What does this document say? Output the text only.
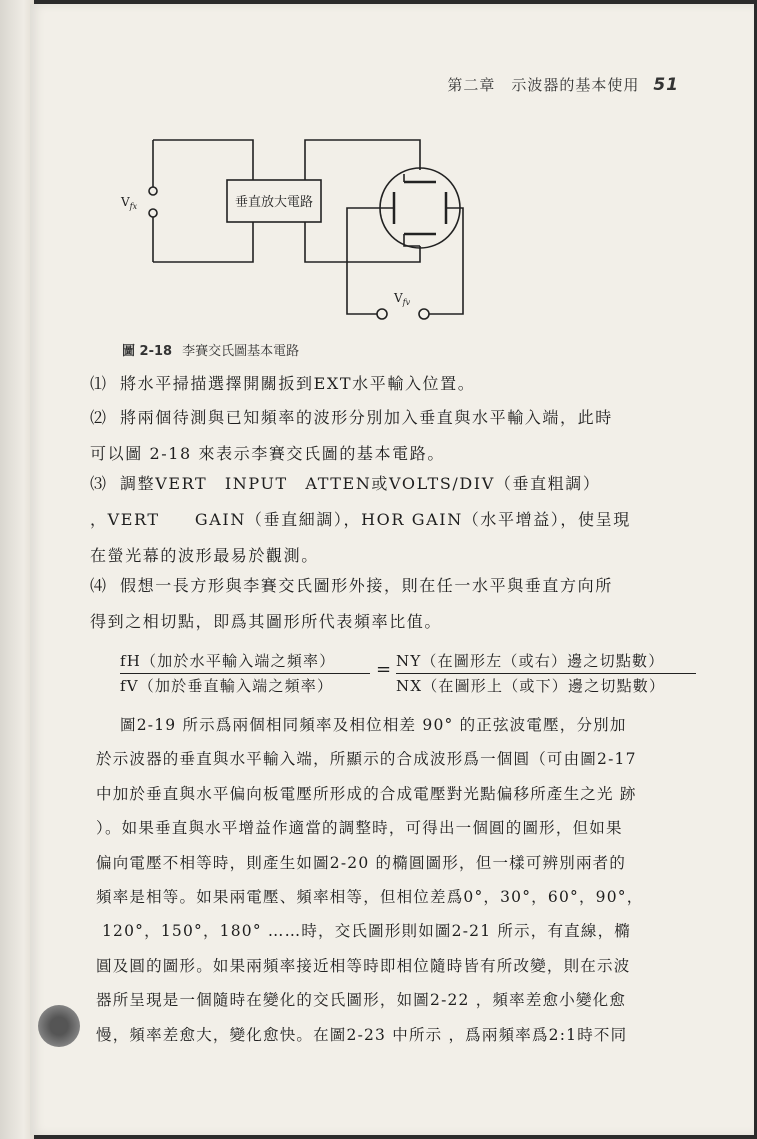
第二章　示波器的基本使用 51
$V_{fx}$	垂直放大電路
$V_{fv}$
圖 2-18 李賽交氏圖基本電路
⑴ 將水平掃描選擇開關扳到EXT水平輸入位置。
⑵ 將兩個待測與已知頻率的波形分別加入垂直與水平輸入端，此時
可以圖 2-18 來表示李賽交氏圖的基本電路。
⑶ 調整VERT　INPUT　ATTEN或VOLTS/DIV（垂直粗調）
，VERT　　GAIN（垂直細調），HOR GAIN（水平增益），使呈現
在螢光幕的波形最易於觀測。
⑷ 假想一長方形與李賽交氏圖形外接，則在任一水平與垂直方向所
得到之相切點，即爲其圖形所代表頻率比值。
fH（加於水平輸入端之頻率）
fV（加於垂直輸入端之頻率）
= NY（在圖形左（或右）邊之切點數）
NX（在圖形上（或下）邊之切點數）
圖2-19 所示爲兩個相同頻率及相位相差 90° 的正弦波電壓，分別加
於示波器的垂直與水平輸入端，所顯示的合成波形爲一個圓（可由圖2-17
中加於垂直與水平偏向板電壓所形成的合成電壓對光點偏移所產生之光 跡
）。如果垂直與水平增益作適當的調整時，可得出一個圓的圖形，但如果
偏向電壓不相等時，則產生如圖2-20 的橢圓圖形，但一樣可辨別兩者的
頻率是相等。如果兩電壓、頻率相等，但相位差爲0°，30°，60°，90°，
120°，150°，180° ……時，交氏圖形則如圖2-21 所示，有直線，橢
圓及圓的圖形。如果兩頻率接近相等時即相位隨時皆有所改變，則在示波
器所呈現是一個隨時在變化的交氏圖形，如圖2-22 ，頻率差愈小變化愈
慢，頻率差愈大，變化愈快。在圖2-23 中所示 ，爲兩頻率爲2:1時不同
